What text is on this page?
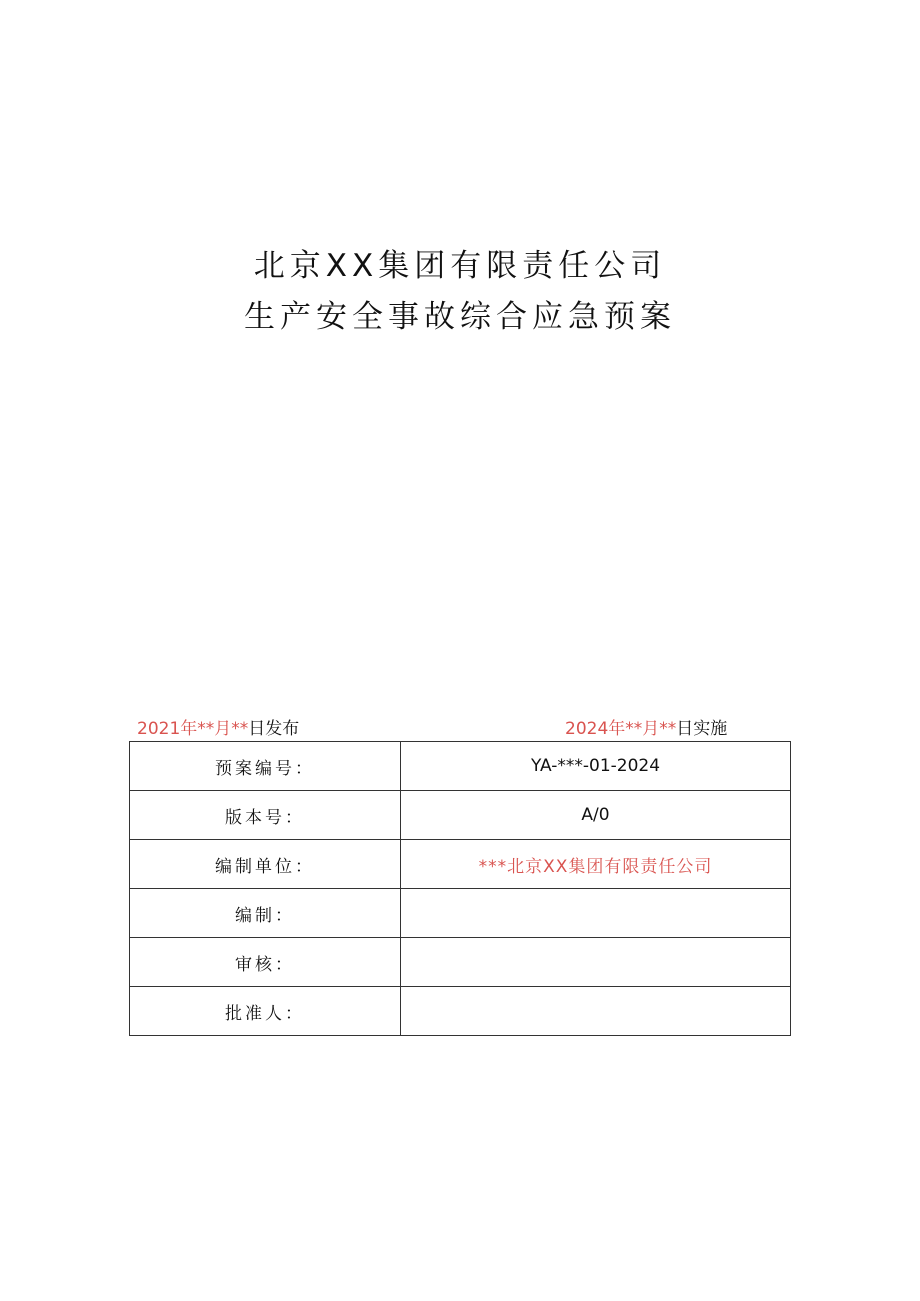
北京XX集团有限责任公司
生产安全事故综合应急预案
2021年**月**日发布	2024年**月**日实施
预案编号：	YA-***-01-2024
版本号：	A/0
编制单位：	***北京XX集团有限责任公司
编制：	
审核：	
批准人：	
